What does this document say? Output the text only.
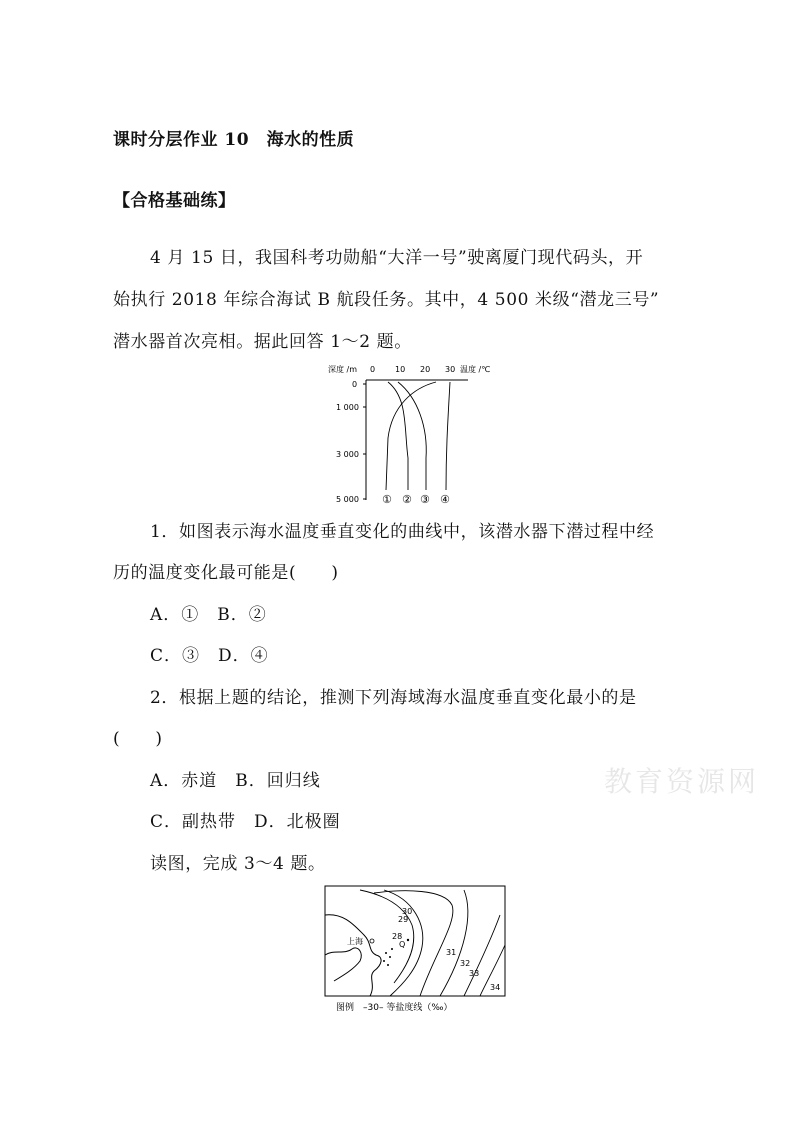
课时分层作业 10　海水的性质
【合格基础练】
4 月 15 日，我国科考功勋船“大洋一号”驶离厦门现代码头，开
始执行 2018 年综合海试 B 航段任务。其中，4 500 米级“潜龙三号”
潜水器首次亮相。据此回答 1～2 题。
深度 /m 0 10 20 30 温度 /℃
0
1 000
3 000
5 000 ① ② ③ ④
1．如图表示海水温度垂直变化的曲线中，该潜水器下潜过程中经
历的温度变化最可能是(　　)
A．①　B．②
C．③　D．④
2．根据上题的结论，推测下列海域海水温度垂直变化最小的是
(　　)
A．赤道　B．回归线
C．副热带　D．北极圈
读图，完成 3～4 题。
教育资源网
上海	Q
28
29
30
31
32
33
34
图例　–30– 等盐度线（‰）
